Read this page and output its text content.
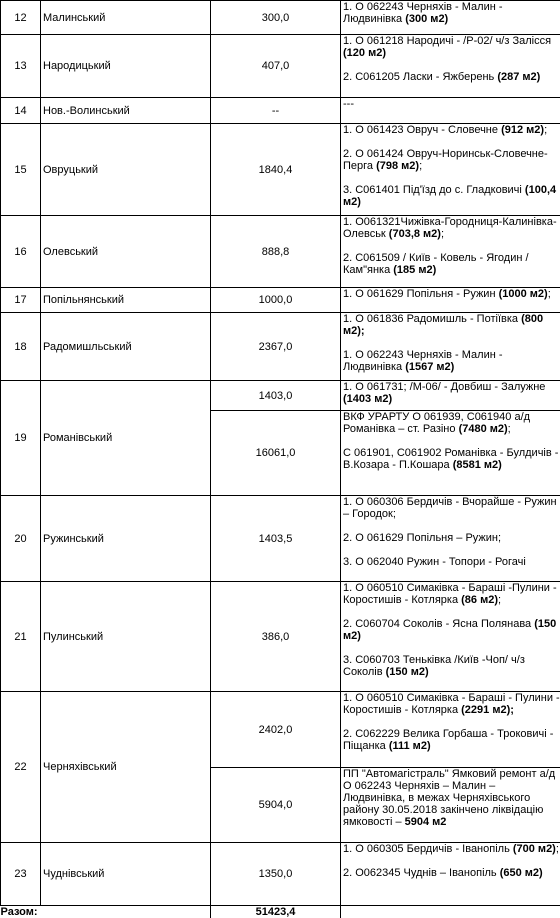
12	Малинський	300,0	1. О 062243 Черняхів - Малин - Людвинівка (300 м2)

13	Народицький	407,0	1. О 061218 Народичі - /Р-02/ ч/з Залісся (120 м2)
2. С061205 Ласки - Яжберень (287 м2)

14	Нов.-Волинський	--	---

15	Овруцький	1840,4	1. О 061423 Овруч - Словечне (912 м2);
2. О 061424 Овруч-Норинськ-Словечне-Перга (798 м2);
3. С061401 Під'їзд до с. Гладковичі (100,4 м2)

16	Олевський	888,8	1. О061321Чижівка-Городниця-Калинівка-Олевськ (703,8 м2);
2. С061509 / Київ - Ковель - Ягодин / Кам"янка (185 м2)

17	Попільнянський	1000,0	1. О 061629 Попільня - Ружин (1000 м2);

18	Радомишльський	2367,0	1. О 061836 Радомишль - Потіївка (800 м2);
1. О 062243 Черняхів - Малин - Людвинівка (1567 м2)

19	Романівський	1403,0	1. О 061731; /М-06/ - Довбиш - Залужне (1403 м2)

		16061,0	ВКФ УРАРТУ О 061939, С061940 а/д Романівка – ст. Разіно (7480 м2);
С 061901, С061902 Романівка - Булдичів - В.Козара - П.Кошара (8581 м2)

20	Ружинський	1403,5	1. О 060306 Бердичів - Вчорайше - Ружин – Городок;
2. О 061629 Попільня – Ружин;
3. О 062040 Ружин - Топори - Рогачі

21	Пулинський	386,0	1. О 060510 Симаківка - Бараші -Пулини - Коростишів - Котлярка (86 м2);
2. С060704 Соколів - Ясна Полянава (150 м2)
3. С060703 Теньківка /Київ -Чоп/ ч/з Соколів (150 м2)

22	Черняхівський	2402,0	1. О 060510 Симаківка - Бараші - Пулини - Коростишів - Котлярка (2291 м2);
2. С062229 Велика Горбаша - Троковичі - Піщанка (111 м2)

		5904,0	ПП "Автомагістраль" Ямковий ремонт а/д О 062243 Черняхів – Малин – Людвинівка, в межах Черняхівського району 30.05.2018 закінчено ліквідацію ямковості – 5904 м2

23	Чуднівський	1350,0	1. О 060305 Бердичів - Іванопіль (700 м2);
2. О062345 Чуднів – Іванопіль (650 м2)

Разом:		51423,4	
